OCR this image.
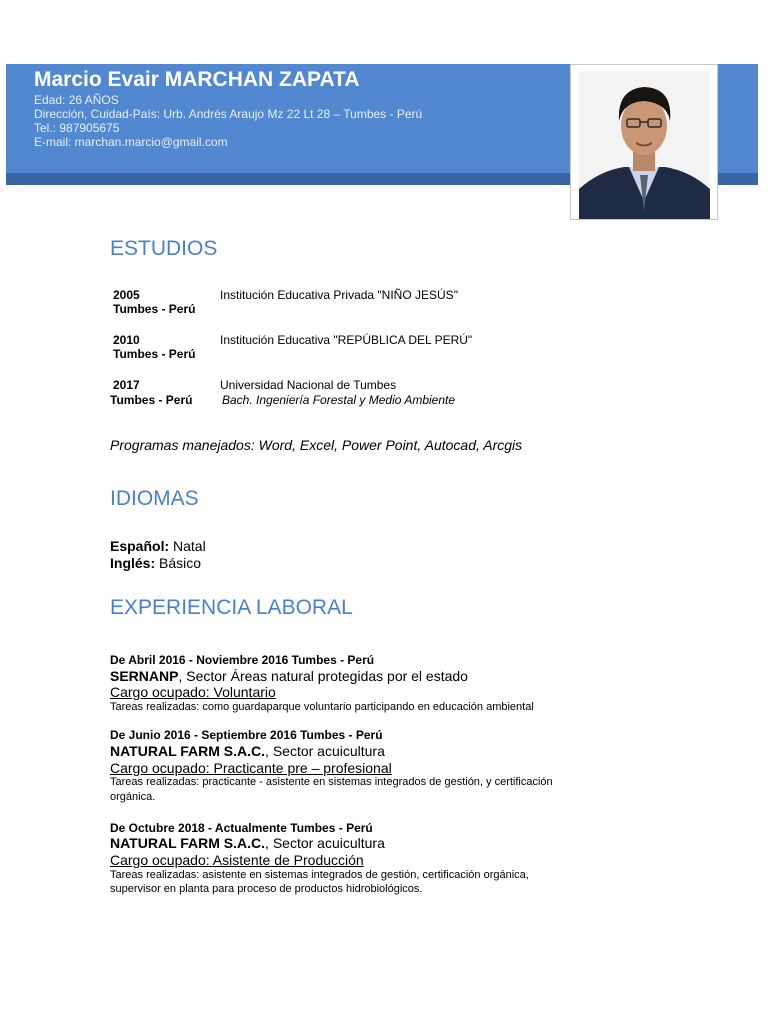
Marcio Evair MARCHAN ZAPATA
Edad: 26 AÑOS
Dirección, Cuidad-País: Urb. Andrés Araujo Mz 22 Lt 28 – Tumbes - Perú
Tel.: 987905675
E-mail: marchan.marcio@gmail.com
ESTUDIOS
2005
Tumbes - Perú
Institución Educativa Privada "NIÑO JESÚS"
2010
Tumbes - Perú
Institución Educativa "REPÚBLICA DEL PERÚ"
2017
Tumbes - Perú
Universidad Nacional de Tumbes
Bach. Ingeniería Forestal y Medio Ambiente
Programas manejados: Word, Excel, Power Point, Autocad, Arcgis
IDIOMAS
Español: Natal
Inglés: Básico
EXPERIENCIA LABORAL
De Abril 2016 - Noviembre 2016 Tumbes - Perú
SERNANP, Sector Áreas natural protegidas por el estado
Cargo ocupado: Voluntario
Tareas realizadas: como guardaparque voluntario participando en educación ambiental
De Junio 2016 - Septiembre 2016 Tumbes - Perú
NATURAL FARM S.A.C., Sector acuicultura
Cargo ocupado: Practicante pre – profesional
Tareas realizadas: practicante - asistente en sistemas integrados de gestión, y certificación
orgánica.
De Octubre 2018 - Actualmente Tumbes - Perú
NATURAL FARM S.A.C., Sector acuicultura
Cargo ocupado: Asistente de Producción
Tareas realizadas: asistente en sistemas integrados de gestión, certificación orgánica,
supervisor en planta para proceso de productos hidrobiológicos.
